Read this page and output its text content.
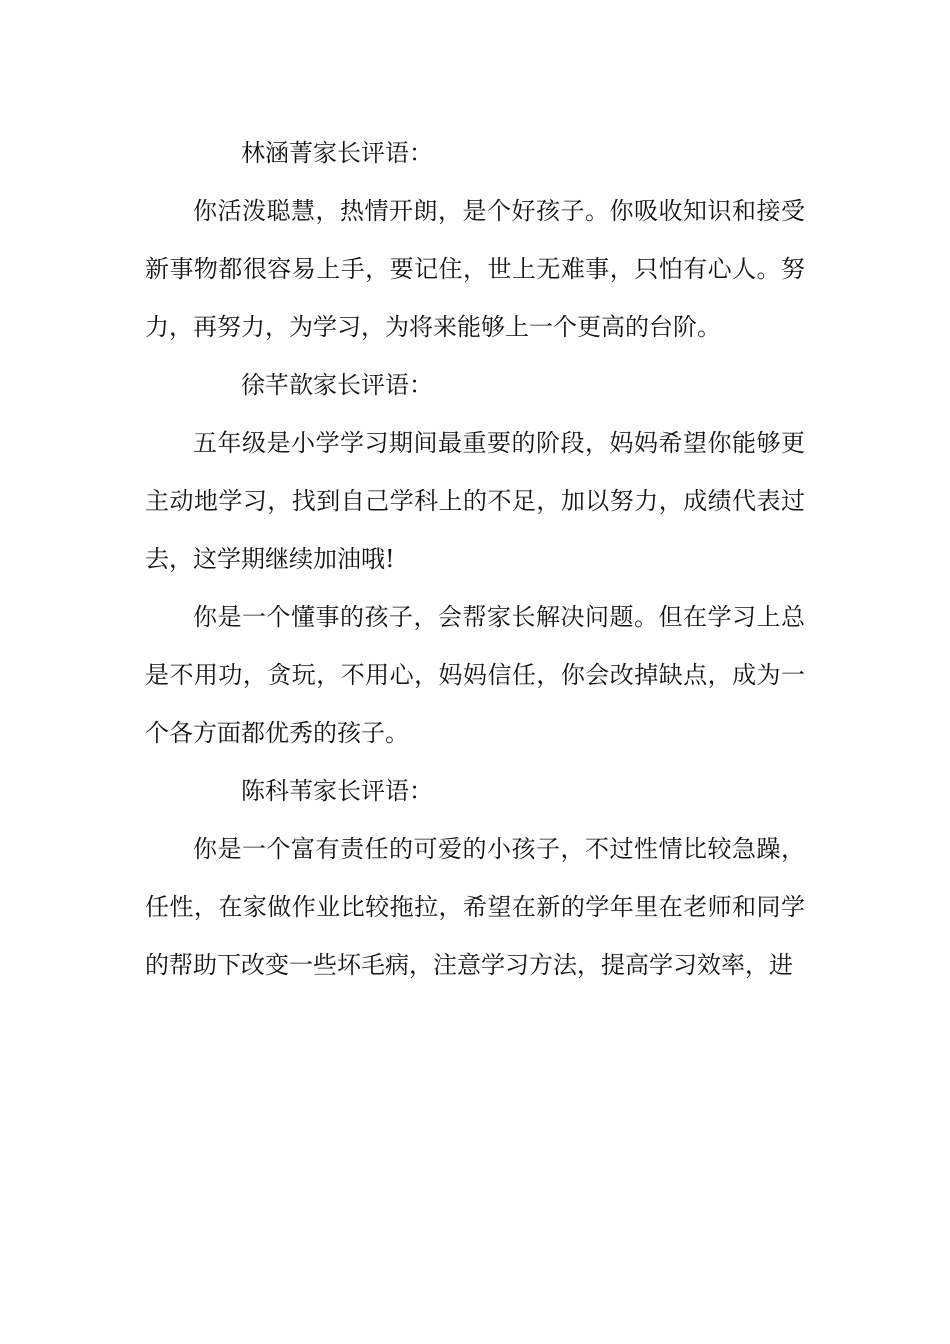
林涵菁家长评语：

你活泼聪慧，热情开朗，是个好孩子。你吸收知识和接受新事物都很容易上手，要记住，世上无难事，只怕有心人。努力，再努力，为学习，为将来能够上一个更高的台阶。

徐芊歆家长评语：

五年级是小学学习期间最重要的阶段，妈妈希望你能够更主动地学习，找到自己学科上的不足，加以努力，成绩代表过去，这学期继续加油哦!

你是一个懂事的孩子，会帮家长解决问题。但在学习上总是不用功，贪玩，不用心，妈妈信任，你会改掉缺点，成为一个各方面都优秀的孩子。

陈科苇家长评语：

你是一个富有责任的可爱的小孩子，不过性情比较急躁，任性，在家做作业比较拖拉，希望在新的学年里在老师和同学的帮助下改变一些坏毛病，注意学习方法，提高学习效率，进
